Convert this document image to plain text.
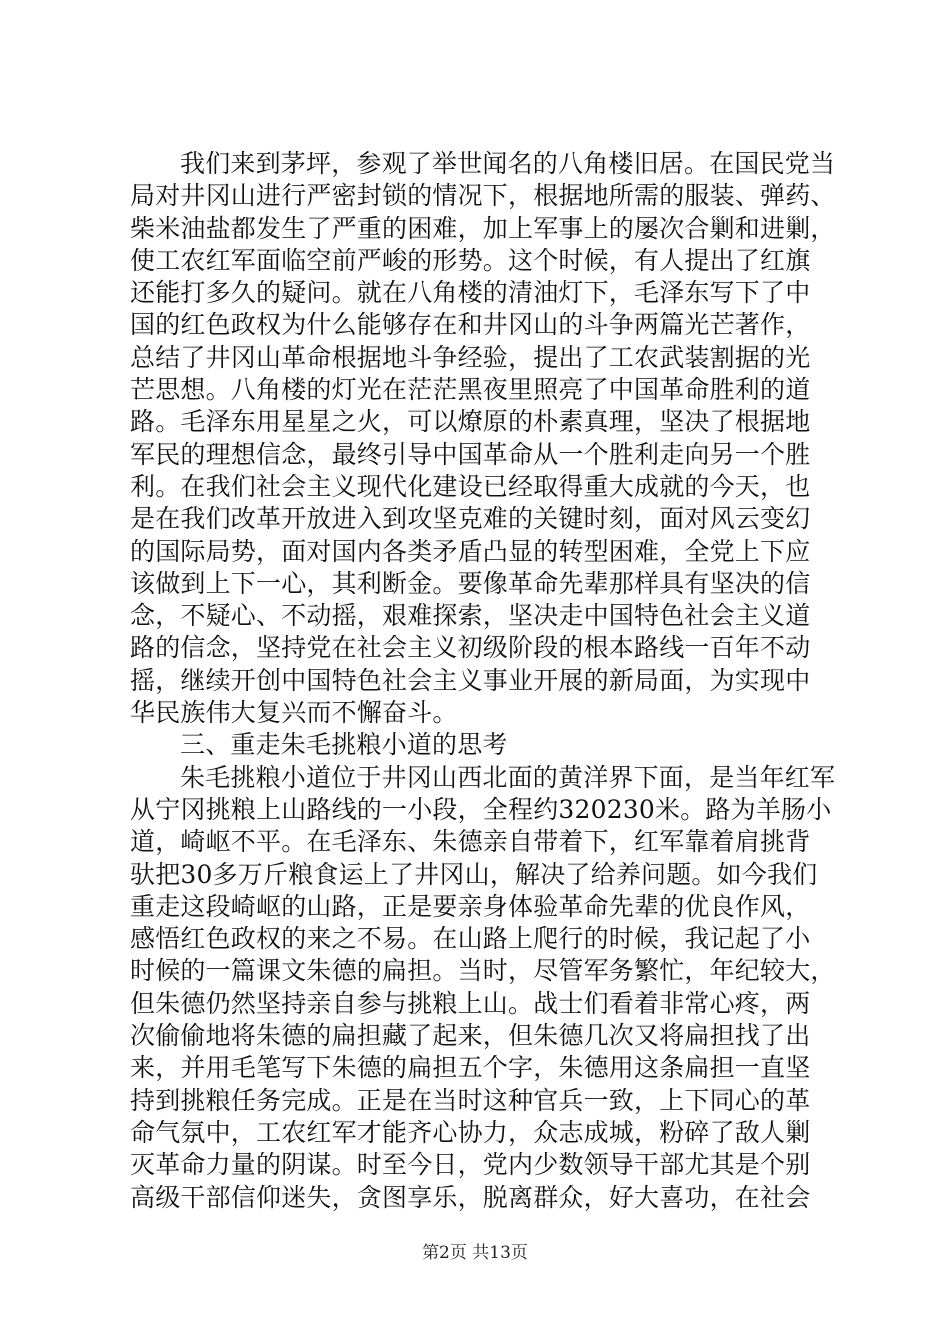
我们来到茅坪，参观了举世闻名的八角楼旧居。在国民党当
局对井冈山进行严密封锁的情况下，根据地所需的服装、弹药、
柴米油盐都发生了严重的困难，加上军事上的屡次合剿和进剿，
使工农红军面临空前严峻的形势。这个时候，有人提出了红旗
还能打多久的疑问。就在八角楼的清油灯下，毛泽东写下了中
国的红色政权为什么能够存在和井冈山的斗争两篇光芒著作，
总结了井冈山革命根据地斗争经验，提出了工农武装割据的光
芒思想。八角楼的灯光在茫茫黑夜里照亮了中国革命胜利的道
路。毛泽东用星星之火，可以燎原的朴素真理，坚决了根据地
军民的理想信念，最终引导中国革命从一个胜利走向另一个胜
利。在我们社会主义现代化建设已经取得重大成就的今天，也
是在我们改革开放进入到攻坚克难的关键时刻，面对风云变幻
的国际局势，面对国内各类矛盾凸显的转型困难，全党上下应
该做到上下一心，其利断金。要像革命先辈那样具有坚决的信
念，不疑心、不动摇，艰难探索，坚决走中国特色社会主义道
路的信念，坚持党在社会主义初级阶段的根本路线一百年不动
摇，继续开创中国特色社会主义事业开展的新局面，为实现中
华民族伟大复兴而不懈奋斗。
三、重走朱毛挑粮小道的思考
朱毛挑粮小道位于井冈山西北面的黄洋界下面，是当年红军
从宁冈挑粮上山路线的一小段，全程约320230米。路为羊肠小
道，崎岖不平。在毛泽东、朱德亲自带着下，红军靠着肩挑背
驮把30多万斤粮食运上了井冈山，解决了给养问题。如今我们
重走这段崎岖的山路，正是要亲身体验革命先辈的优良作风，
感悟红色政权的来之不易。在山路上爬行的时候，我记起了小
时候的一篇课文朱德的扁担。当时，尽管军务繁忙，年纪较大，
但朱德仍然坚持亲自参与挑粮上山。战士们看着非常心疼，两
次偷偷地将朱德的扁担藏了起来，但朱德几次又将扁担找了出
来，并用毛笔写下朱德的扁担五个字，朱德用这条扁担一直坚
持到挑粮任务完成。正是在当时这种官兵一致，上下同心的革
命气氛中，工农红军才能齐心协力，众志成城，粉碎了敌人剿
灭革命力量的阴谋。时至今日，党内少数领导干部尤其是个别
高级干部信仰迷失，贪图享乐，脱离群众，好大喜功，在社会
第2页 共13页
